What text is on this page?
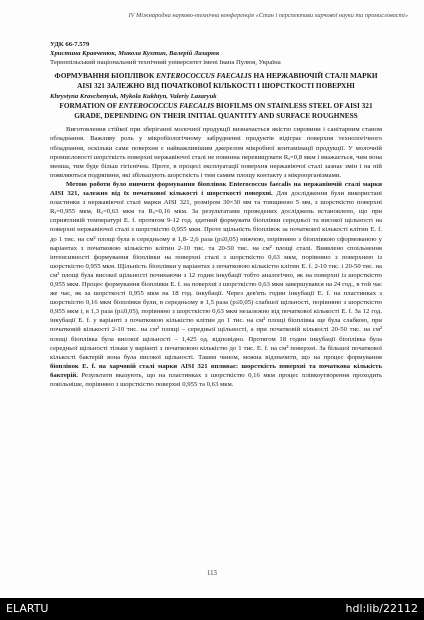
IV Міжнародна науково-технічна конференція «Стан і перспективи харчової науки та промисловості»
УДК 66-7.579
Христина Кравченюк, Микола Кухтин, Валерій Лазарюк
Тернопільський національний технічний університет імені Івана Пулюя, Україна
ФОРМУВАННЯ БІОПЛІВОК ENTEROCOCCUS FAECALIS НА НЕРЖАВІЮЧІЙ СТАЛІ МАРКИ AISI 321 ЗАЛЕЖНО ВІД ПОЧАТКОВОЇ КІЛЬКОСТІ І ШОРСТКОСТІ ПОВЕРХНІ
Khrystyna Kravchenyuk, Mykola Kukhtyn, Valeriy Lazaryuk
FORMATION OF ENTEROCOCCUS FAECALIS BIOFILMS ON STAINLESS STEEL OF AISI 321 GRADE, DEPENDING ON THEIR INITIAL QUANTITY AND SURFACE ROUGHNESS

Виготовлення стійкої при зберіганні молочної продукції визначається якістю сировини і санітарним станом обладнання. Важливу роль у мікробіологічному забрудненні продуктів відіграє поверхня технологічного обладнання, оскільки саме поверхня є найважливішим джерелом мікробної контамінації продукції. У молочній промисловості шорсткість поверхні нержавіючої сталі не повинна перевищувати Rₐ=0,8 мкм і вважається, чим вона менша, тим буде більш гігієнічна. Проте, в процесі експлуатації поверхня нержавіючої сталі зазнає змін і на ній появляються подряпини, які збільшують шорсткість і тим самим площу контакту з мікроорганізмами.

Метою роботи було вивчити формування біоплівок Enterococcus faecalis на нержавіючій сталі марки AISI 321, залежно від їх початкової кількості і шорсткості поверхні. Для дослідження були використані пластинки з нержавіючої сталі марки AISI 321, розміром 30×30 мм та товщиною 5 мм, з шорсткістю поверхні Rₐ=0,955 мкм, Rₐ=0,63 мкм та Rₐ=0,16 мкм. За результатами проведених досліджень встановлено, що при сприятливій температурі E. f. протягом 9-12 год. здатний формувати біоплівки середньої та високої щільності на поверхні нержавіючої сталі з шорсткістю 0,955 мкм. Проте щільність біоплівок за початкової кількості клітин E. f. до 1 тис. на см² площі була в середньому в 1,8- 2,6 раза (p≤0,05) нижчою, порівняно з біоплівкою сформованою у варіантах з початковою кількістю клітин 2-10 тис. та 20-50 тис. на см² площі сталі. Виявлено споільнення інтенсивності формування біоплівки на поверхні сталі з шорсткістю 0,63 мкм, порівняно з поверхнею із шорсткістю 0,955 мкм. Щільність біоплівки у варіантах з початковою кількістю клітин E. f. 2-10 тис. і 20-50 тис. на см² площі була високої щільності починаючи з 12 годин інкубації тобто аналогічно, як на поверхні із шорсткістю 0,955 мкм. Процес формування біоплівки E. f. на поверхні з шорсткістю 0,63 мкм завершувався на 24 год., в той час же час, як за шорсткості 0,955 мкм на 18 год. інкубації. Через дев'ять годин інкубації E. f. на пластинках з шорсткістю 0,16 мкм біоплівки були, в середньому в 1,5 раза (p≤0,05) слабшої щільності, порівняно з шорсткістю 0,955 мкм і, в 1,3 раза (p≤0,05), порівняно з шорсткістю 0,63 мкм незалежно від початкової кількості E. f. За 12 год. інкубації E. f. у варіанті з початковою кількістю клітин до 1 тис. на см² площі біоплівка ще була слабкою, при початковій кількості 2-10 тис. на см² площі – середньої щільності, а при початковій кількості 20-50 тис. на см² площі біоплівка була високої щільності – 1,425 од. відповідно. Протягом 18 годин інкубації біоплівка була середньої щільності тільки у варіанті з початковою кількістю до 1 тис. E. f. на см² поверхні. За більшої початкової кількості бактерій вона була високої щільності. Таким чином, можна відзначити, що на процес формування біоплівок E. f. на харчовій сталі марки AISI 321 впливає: шорсткість поверхні та початкова кількість бактерій. Результати вказують, що на пластинках з шорсткістю 0,16 мкм процес плівкоутворення проходить повільніше, порівняно з шорсткістю поверхні 0,955 та 0,63 мкм.

113
ELARTU	hdl:lib/22112
